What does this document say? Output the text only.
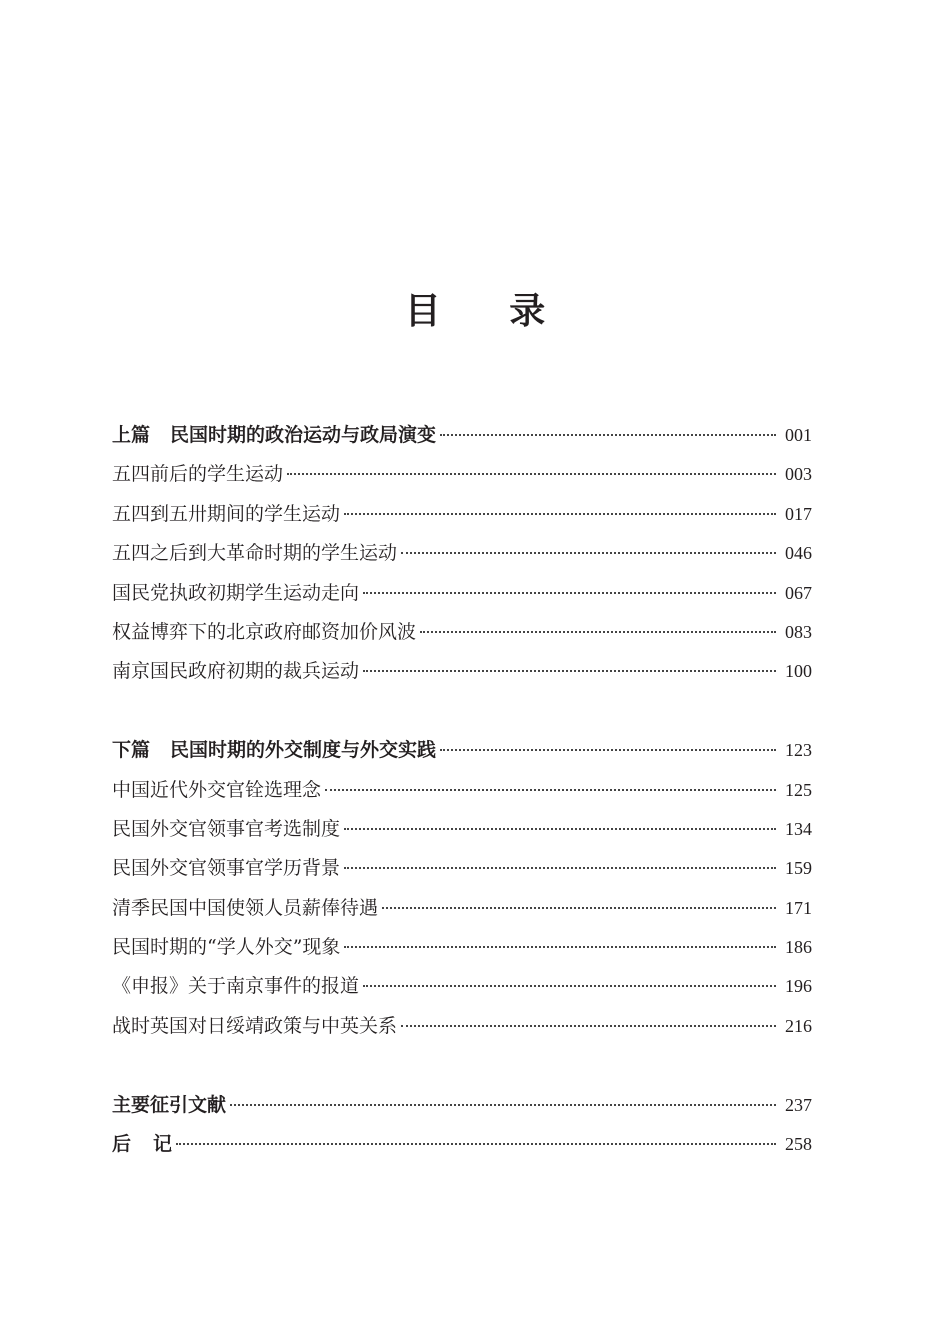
目 录
上篇 民国时期的政治运动与政局演变	001
五四前后的学生运动	003
五四到五卅期间的学生运动	017
五四之后到大革命时期的学生运动	046
国民党执政初期学生运动走向	067
权益博弈下的北京政府邮资加价风波	083
南京国民政府初期的裁兵运动	100
下篇 民国时期的外交制度与外交实践	123
中国近代外交官铨选理念	125
民国外交官领事官考选制度	134
民国外交官领事官学历背景	159
清季民国中国使领人员薪俸待遇	171
民国时期的“学人外交”现象	186
《申报》关于南京事件的报道	196
战时英国对日绥靖政策与中英关系	216
主要征引文献	237
后 记	258
